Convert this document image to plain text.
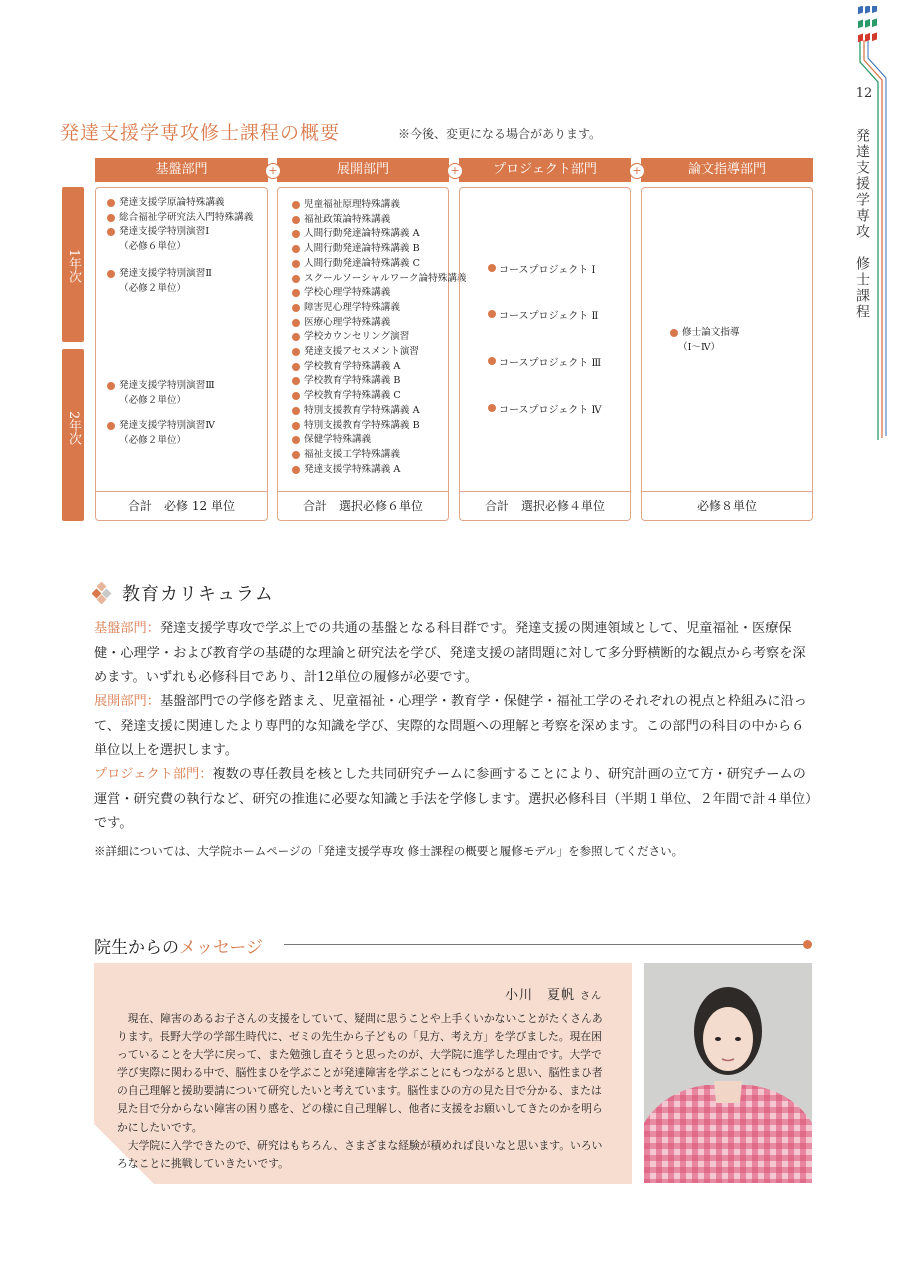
12
発達支援学専攻　修士課程
発達支援学専攻修士課程の概要	※今後、変更になる場合があります。
基盤部門	展開部門	プロジェクト部門	論文指導部門
+	+	+
1年次
2年次
合計　必修 12 単位
発達支援学原論特殊講義
総合福祉学研究法入門特殊講義
発達支援学特別演習Ⅰ
（必修６単位）
発達支援学特別演習Ⅱ
（必修２単位）
発達支援学特別演習Ⅲ
（必修２単位）
発達支援学特別演習Ⅳ
（必修２単位）
合計　選択必修６単位
児童福祉原理特殊講義
福祉政策論特殊講義
人間行動発達論特殊講義 A
人間行動発達論特殊講義 B
人間行動発達論特殊講義 C
スクールソーシャルワーク論特殊講義
学校心理学特殊講義
障害児心理学特殊講義
医療心理学特殊講義
学校カウンセリング演習
発達支援アセスメント演習
学校教育学特殊講義 A
学校教育学特殊講義 B
学校教育学特殊講義 C
特別支援教育学特殊講義 A
特別支援教育学特殊講義 B
保健学特殊講義
福祉支援工学特殊講義
発達支援学特殊講義 A
合計　選択必修４単位
コースプロジェクト Ⅰ
コースプロジェクト Ⅱ
コースプロジェクト Ⅲ
コースプロジェクト Ⅳ
必修８単位
修士論文指導
（Ⅰ～Ⅳ）
教育カリキュラム
基盤部門：発達支援学専攻で学ぶ上での共通の基盤となる科目群です。発達支援の関連領域として、児童福祉・医療保健・心理学・および教育学の基礎的な理論と研究法を学び、発達支援の諸問題に対して多分野横断的な観点から考察を深めます。いずれも必修科目であり、計12単位の履修が必要です。
展開部門：基盤部門での学修を踏まえ、児童福祉・心理学・教育学・保健学・福祉工学のそれぞれの視点と枠組みに沿って、発達支援に関連したより専門的な知識を学び、実際的な問題への理解と考察を深めます。この部門の科目の中から６単位以上を選択します。
プロジェクト部門：複数の専任教員を核とした共同研究チームに参画することにより、研究計画の立て方・研究チームの運営・研究費の執行など、研究の推進に必要な知識と手法を学修します。選択必修科目（半期１単位、２年間で計４単位）です。
※詳細については、大学院ホームページの「発達支援学専攻 修士課程の概要と履修モデル」を参照してください。
院生からのメッセージ
小川　夏帆 さん

現在、障害のあるお子さんの支援をしていて、疑問に思うことや上手くいかないことがたくさんあります。長野大学の学部生時代に、ゼミの先生から子どもの「見方、考え方」を学びました。現在困っていることを大学に戻って、また勉強し直そうと思ったのが、大学院に進学した理由です。大学で学び実際に関わる中で、脳性まひを学ぶことが発達障害を学ぶことにもつながると思い、脳性まひ者の自己理解と援助要請について研究したいと考えています。脳性まひの方の見た目で分かる、または見た目で分からない障害の困り感を、どの様に自己理解し、他者に支援をお願いしてきたのかを明らかにしたいです。

大学院に入学できたので、研究はもちろん、さまざまな経験が積めれば良いなと思います。いろいろなことに挑戦していきたいです。
